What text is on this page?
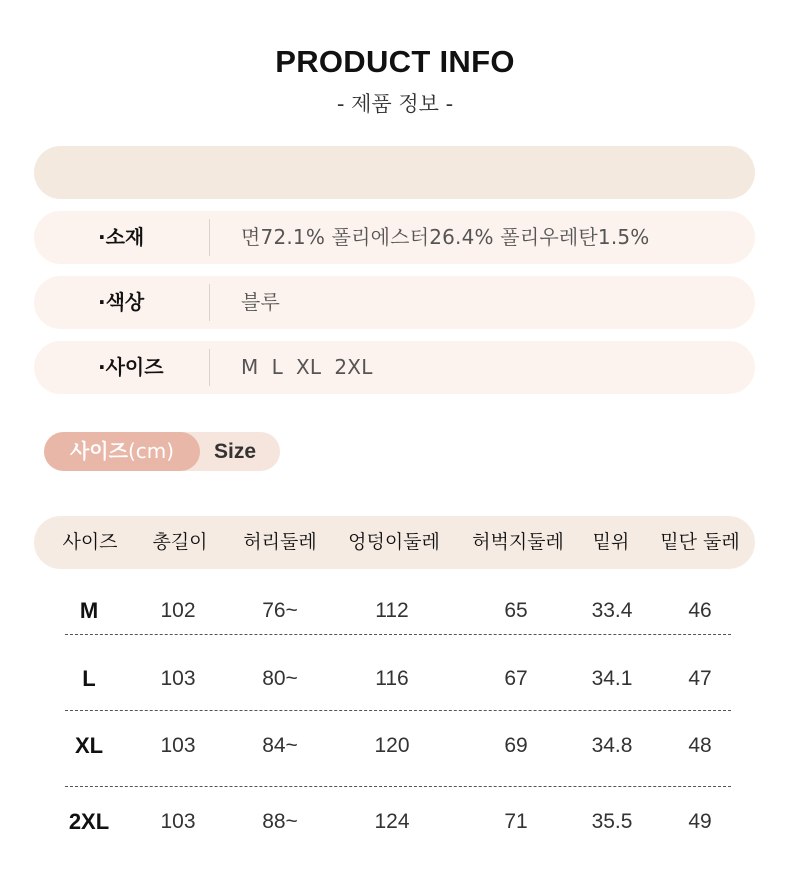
PRODUCT INFO
- 제품 정보 -
·소재	면72.1% 폴리에스터26.4% 폴리우레탄1.5%
·색상	블루
·사이즈	M  L  XL  2XL
사이즈(cm)	Size
사이즈	총길이	허리둘레	엉덩이둘레	허벅지둘레	밑위	밑단 둘레
M	102	76~	112	65	33.4	46
L	103	80~	116	67	34.1	47
XL	103	84~	120	69	34.8	48
2XL	103	88~	124	71	35.5	49
